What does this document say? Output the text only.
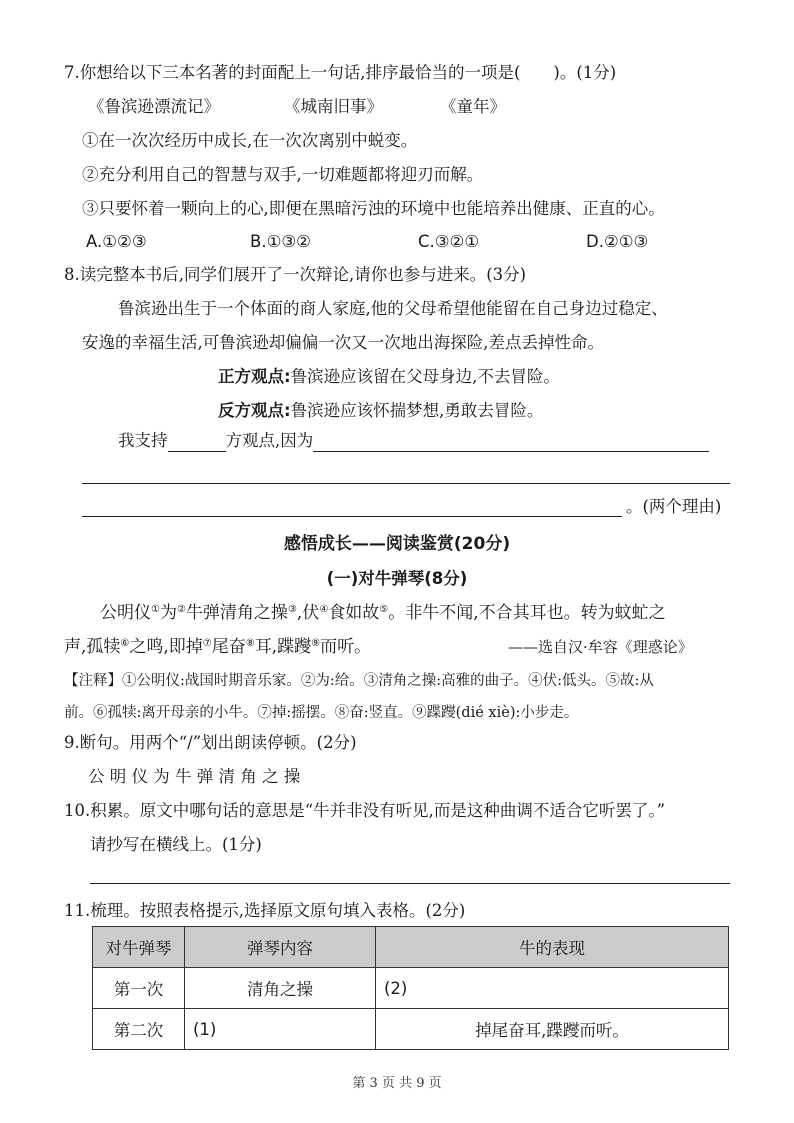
7.你想给以下三本名著的封面配上一句话,排序最恰当的一项是(　　)。(1分)
《鲁滨逊漂流记》	《城南旧事》	《童年》
①在一次次经历中成长,在一次次离别中蜕变。
②充分利用自己的智慧与双手,一切难题都将迎刃而解。
③只要怀着一颗向上的心,即便在黑暗污浊的环境中也能培养出健康、正直的心。
A.①②③	B.①③②	C.③②①	D.②①③
8.读完整本书后,同学们展开了一次辩论,请你也参与进来。(3分)
鲁滨逊出生于一个体面的商人家庭,他的父母希望他能留在自己身边过稳定、
安逸的幸福生活,可鲁滨逊却偏偏一次又一次地出海探险,差点丢掉性命。
正方观点:鲁滨逊应该留在父母身边,不去冒险。
反方观点:鲁滨逊应该怀揣梦想,勇敢去冒险。
我支持	方观点,因为
。(两个理由)
感悟成长——阅读鉴赏(20分)
(一)对牛弹琴(8分)
公明仪①为②牛弹清角之操③,伏④食如故⑤。非牛不闻,不合其耳也。转为蚊虻之
声,孤犊⑥之鸣,即掉⑦尾奋⑧耳,蹀躞⑨而听。	——选自汉·牟容《理惑论》
【注释】①公明仪:战国时期音乐家。②为:给。③清角之操:高雅的曲子。④伏:低头。⑤故:从
前。⑥孤犊:离开母亲的小牛。⑦掉:摇摆。⑧奋:竖直。⑨蹀躞(dié xiè):小步走。
9.断句。用两个“/”划出朗读停顿。(2分)
公 明 仪 为 牛 弹 清 角 之 操
10.积累。原文中哪句话的意思是“牛并非没有听见,而是这种曲调不适合它听罢了。”
请抄写在横线上。(1分)
11.梳理。按照表格提示,选择原文原句填入表格。(2分)
对牛弹琴	弹琴内容	牛的表现
第一次	清角之操	(2)
第二次	(1)	掉尾奋耳,蹀躞而听。
第 3 页 共 9 页
